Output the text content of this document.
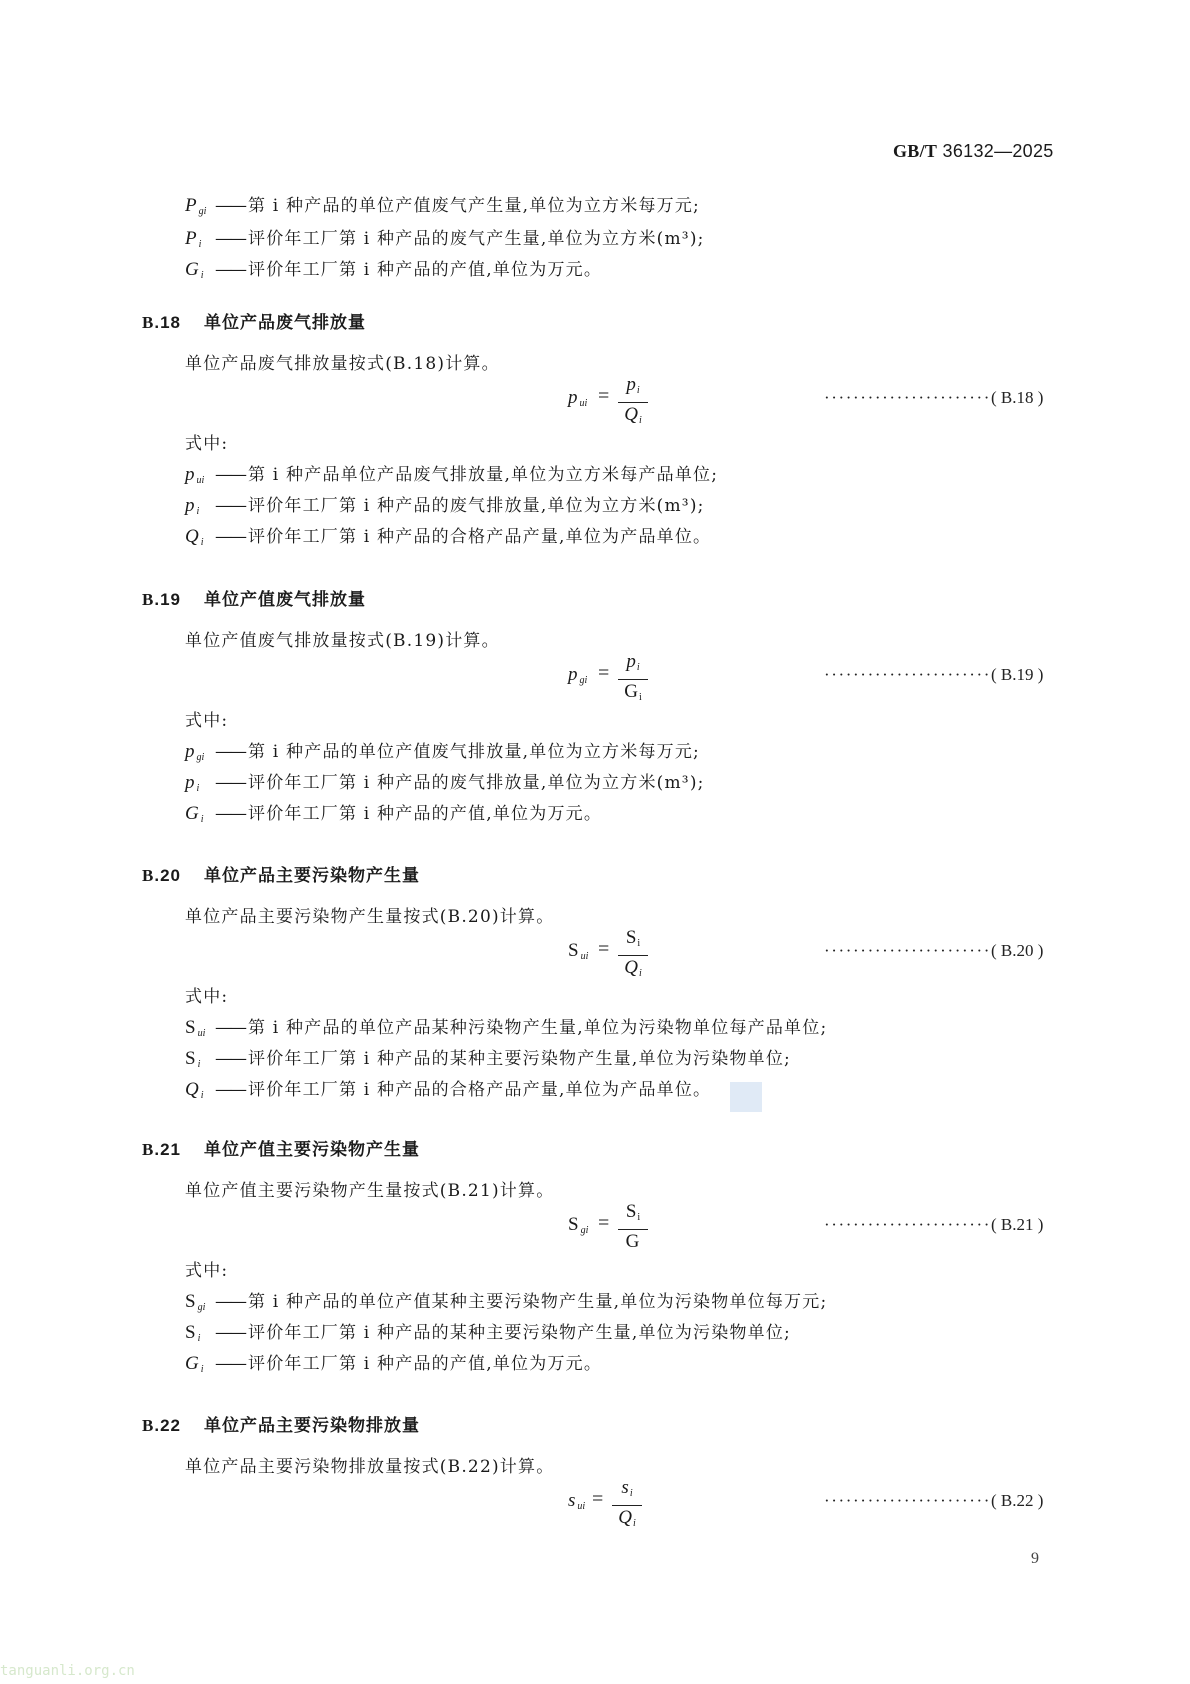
GB/T 36132—2025
P $_{gi}$ —— 第 i 种产品的单位产值废气产生量,单位为立方米每万元;
P $_i$ —— 评价年工厂第 i 种产品的废气产生量,单位为立方米(m³);
G $_i$ —— 评价年工厂第 i 种产品的产值,单位为万元。
B.18 单位产品废气排放量
单位产品废气排放量按式(B.18)计算。
p $_{ui} = \frac{p_i}{Q_i}$	·······················( B.18 )
式中:
p $_{ui}$ —— 第 i 种产品单位产品废气排放量,单位为立方米每产品单位;
p $_i$ —— 评价年工厂第 i 种产品的废气排放量,单位为立方米(m³);
Q $_i$ —— 评价年工厂第 i 种产品的合格产品产量,单位为产品单位。
B.19 单位产值废气排放量
单位产值废气排放量按式(B.19)计算。
p $_{gi} = \frac{p_i}{G_i}$	·······················( B.19 )
式中:
p $_{gi}$ —— 第 i 种产品的单位产值废气排放量,单位为立方米每万元;
p $_i$ —— 评价年工厂第 i 种产品的废气排放量,单位为立方米(m³);
G $_i$ —— 评价年工厂第 i 种产品的产值,单位为万元。
B.20 单位产品主要污染物产生量
单位产品主要污染物产生量按式(B.20)计算。
S $_{ui} = \frac{S_i}{Q_i}$	·······················( B.20 )
式中:
S $_{ui}$ —— 第 i 种产品的单位产品某种污染物产生量,单位为污染物单位每产品单位;
S $_i$ —— 评价年工厂第 i 种产品的某种主要污染物产生量,单位为污染物单位;
Q $_i$ —— 评价年工厂第 i 种产品的合格产品产量,单位为产品单位。
B.21 单位产值主要污染物产生量
单位产值主要污染物产生量按式(B.21)计算。
S $_{gi} = \frac{S_i}{G}$	·······················( B.21 )
式中:
S $_{gi}$ —— 第 i 种产品的单位产值某种主要污染物产生量,单位为污染物单位每万元;
S $_i$ —— 评价年工厂第 i 种产品的某种主要污染物产生量,单位为污染物单位;
G $_i$ —— 评价年工厂第 i 种产品的产值,单位为万元。
B.22 单位产品主要污染物排放量
单位产品主要污染物排放量按式(B.22)计算。
s $_{ui} = \frac{s_i}{Q_i}$	·······················( B.22 )
9
tanguanli.org.cn
